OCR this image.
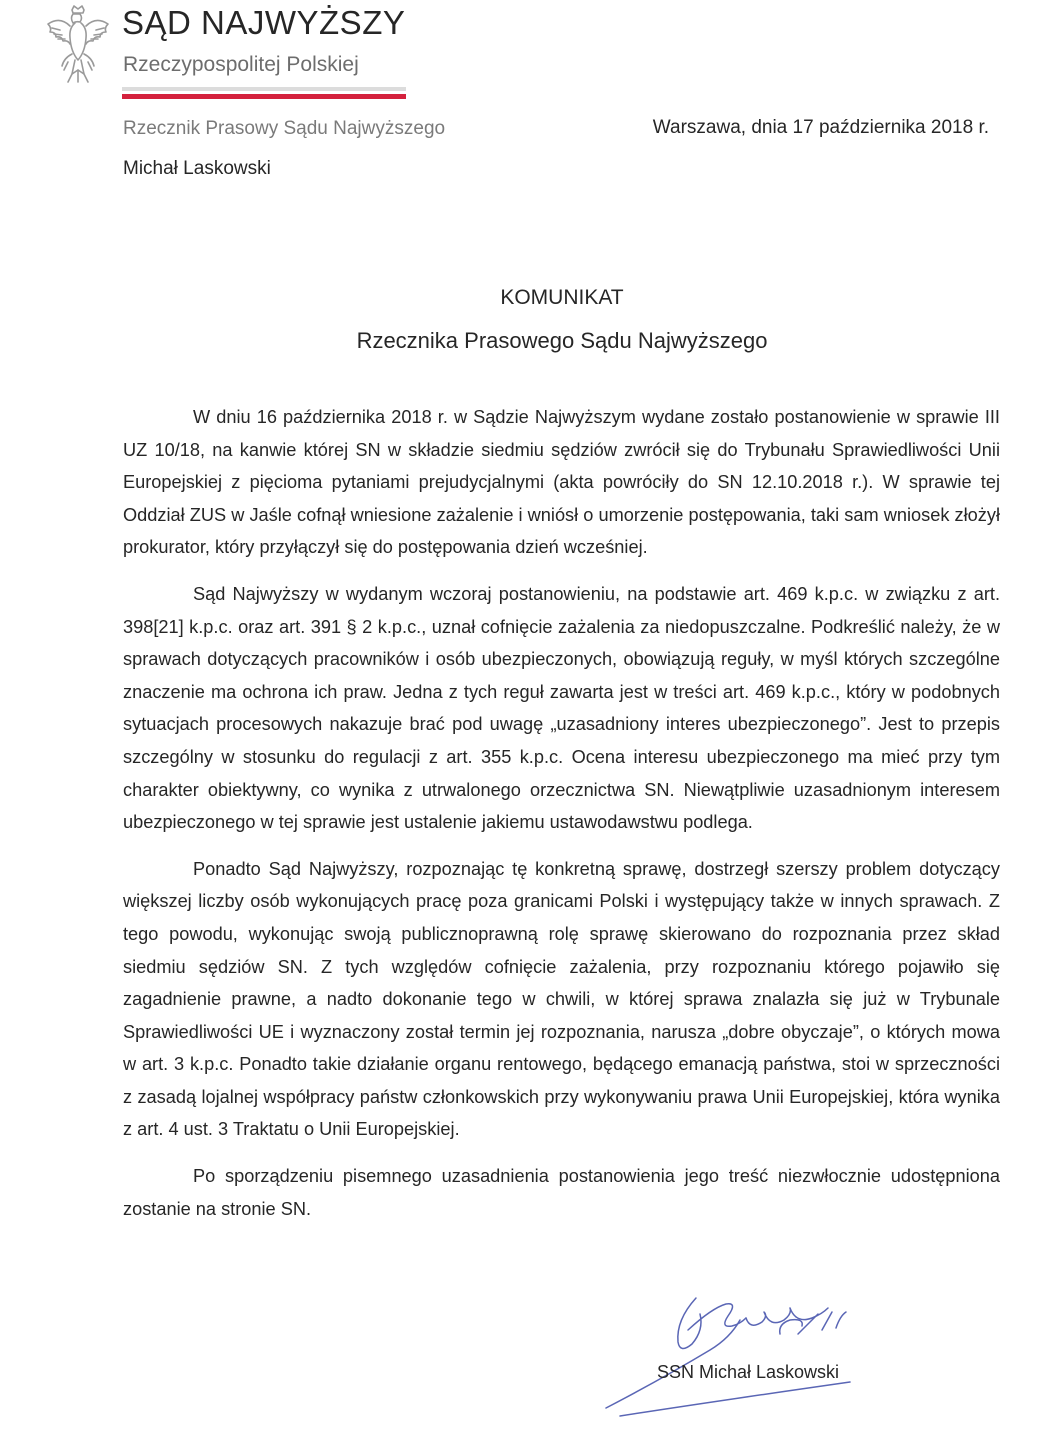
SĄD NAJWYŻSZY
Rzeczypospolitej Polskiej
Rzecznik Prasowy Sądu Najwyższego	Warszawa, dnia 17 października 2018 r.
Michał Laskowski
KOMUNIKAT
Rzecznika Prasowego Sądu Najwyższego

W dniu 16 października 2018 r. w Sądzie Najwyższym wydane zostało postanowienie w sprawie III UZ 10/18, na kanwie której SN w składzie siedmiu sędziów zwrócił się do Trybunału Sprawiedliwości Unii Europejskiej z pięcioma pytaniami prejudycjalnymi (akta powróciły do SN 12.10.2018 r.). W sprawie tej Oddział ZUS w Jaśle cofnął wniesione zażalenie i wniósł o umorzenie postępowania, taki sam wniosek złożył prokurator, który przyłączył się do postępowania dzień wcześniej.

Sąd Najwyższy w wydanym wczoraj postanowieniu, na podstawie art. 469 k.p.c. w związku z art. 398[21] k.p.c. oraz art. 391 § 2 k.p.c., uznał cofnięcie zażalenia za niedopuszczalne. Podkreślić należy, że w sprawach dotyczących pracowników i osób ubezpieczonych, obowiązują reguły, w myśl których szczególne znaczenie ma ochrona ich praw. Jedna z tych reguł zawarta jest w treści art. 469 k.p.c., który w podobnych sytuacjach procesowych nakazuje brać pod uwagę „uzasadniony interes ubezpieczonego”. Jest to przepis szczególny w stosunku do regulacji z art. 355 k.p.c. Ocena interesu ubezpieczonego ma mieć przy tym charakter obiektywny, co wynika z utrwalonego orzecznictwa SN. Niewątpliwie uzasadnionym interesem ubezpieczonego w tej sprawie jest ustalenie jakiemu ustawodawstwu podlega.

Ponadto Sąd Najwyższy, rozpoznając tę konkretną sprawę, dostrzegł szerszy problem dotyczący większej liczby osób wykonujących pracę poza granicami Polski i występujący także w innych sprawach. Z tego powodu, wykonując swoją publicznoprawną rolę sprawę skierowano do rozpoznania przez skład siedmiu sędziów SN. Z tych względów cofnięcie zażalenia, przy rozpoznaniu którego pojawiło się zagadnienie prawne, a nadto dokonanie tego w chwili, w której sprawa znalazła się już w Trybunale Sprawiedliwości UE i wyznaczony został termin jej rozpoznania, narusza „dobre obyczaje”, o których mowa w art. 3 k.p.c. Ponadto takie działanie organu rentowego, będącego emanacją państwa, stoi w sprzeczności z zasadą lojalnej współpracy państw członkowskich przy wykonywaniu prawa Unii Europejskiej, która wynika z art. 4 ust. 3 Traktatu o Unii Europejskiej.

Po sporządzeniu pisemnego uzasadnienia postanowienia jego treść niezwłocznie udostępniona zostanie na stronie SN.

SSN Michał Laskowski
